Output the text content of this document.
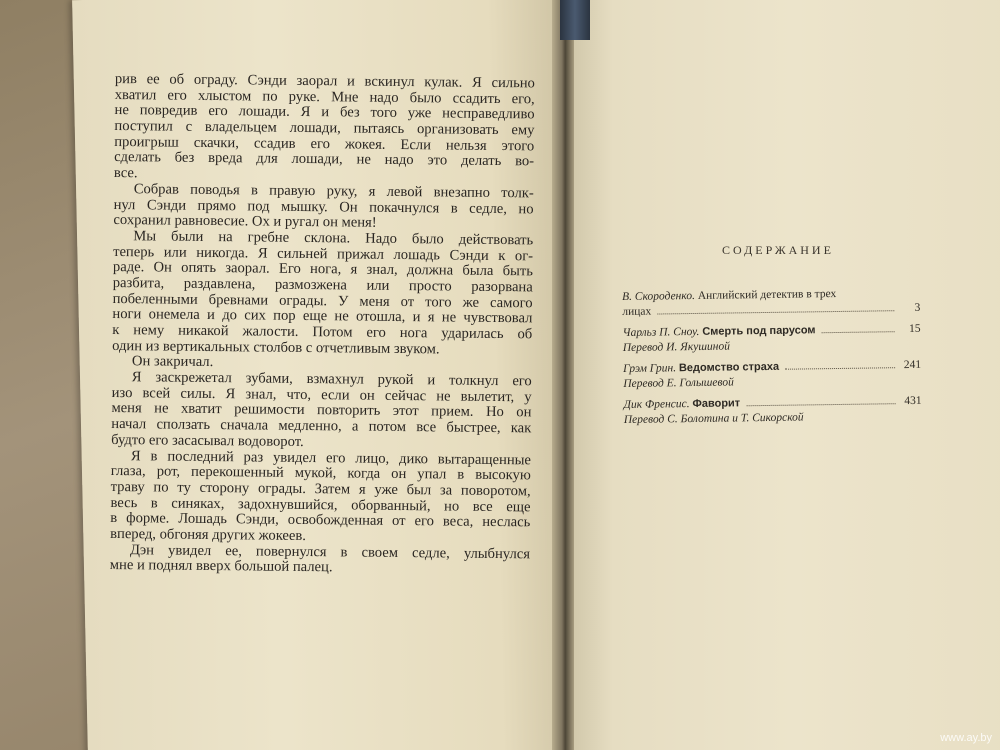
рив ее об ограду. Сэнди заорал и вскинул кулак. Я сильно
хватил его хлыстом по руке. Мне надо было ссадить его,
не повредив его лошади. Я и без того уже несправедливо
поступил с владельцем лошади, пытаясь организовать ему
проигрыш скачки, ссадив его жокея. Если нельзя этого
сделать без вреда для лошади, не надо это делать во-
все.
Собрав поводья в правую руку, я левой внезапно толк-
нул Сэнди прямо под мышку. Он покачнулся в седле, но
сохранил равновесие. Ох и ругал он меня!
Мы были на гребне склона. Надо было действовать
теперь или никогда. Я сильней прижал лошадь Сэнди к ог-
раде. Он опять заорал. Его нога, я знал, должна была быть
разбита, раздавлена, размозжена или просто разорвана
побеленными бревнами ограды. У меня от того же самого
ноги онемела и до сих пор еще не отошла, и я не чувствовал
к нему никакой жалости. Потом его нога ударилась об
один из вертикальных столбов с отчетливым звуком.
Он закричал.
Я заскрежетал зубами, взмахнул рукой и толкнул его
изо всей силы. Я знал, что, если он сейчас не вылетит, у
меня не хватит решимости повторить этот прием. Но он
начал сползать сначала медленно, а потом все быстрее, как
будто его засасывал водоворот.
Я в последний раз увидел его лицо, дико вытаращенные
глаза, рот, перекошенный мукой, когда он упал в высокую
траву по ту сторону ограды. Затем я уже был за поворотом,
весь в синяках, задохнувшийся, оборванный, но все еще
в форме. Лошадь Сэнди, освобожденная от его веса, неслась
вперед, обгоняя других жокеев.
Дэн увидел ее, повернулся в своем седле, улыбнулся
мне и поднял вверх большой палец.
СОДЕРЖАНИЕ
В. Скороденко.
Английский детектив в трех
лицах	3
Чарльз П. Сноу.
Смерть под парусом	15
Перевод И. Якушиной
Грэм Грин.
Ведомство страха	241
Перевод Е. Голышевой
Дик Френсис.
Фаворит	431
Перевод С. Болотина и Т. Сикорской
www.ay.by
